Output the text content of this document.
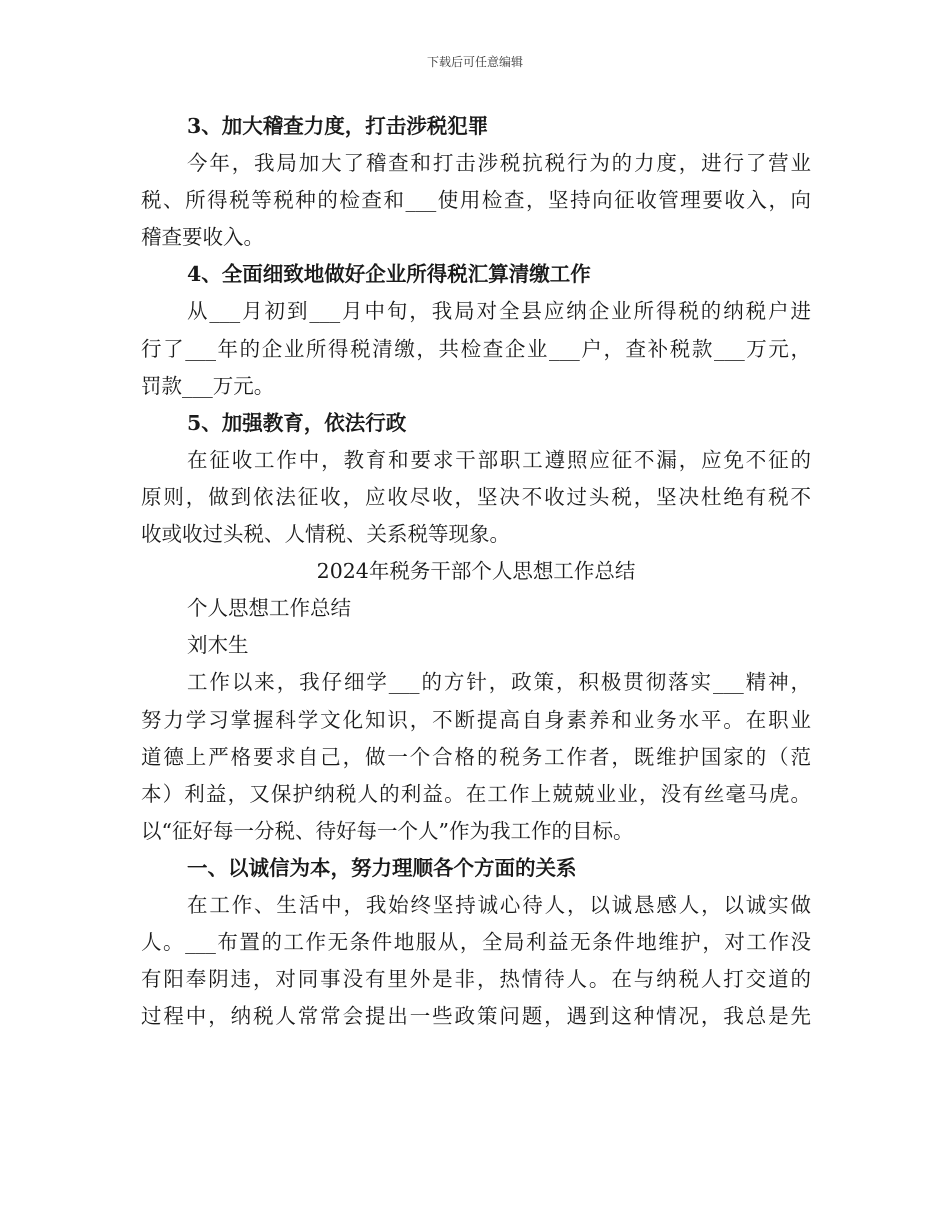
下载后可任意编辑
3、加大稽查力度，打击涉税犯罪
今年，我局加大了稽查和打击涉税抗税行为的力度，进行了营业
税、所得税等税种的检查和___使用检查，坚持向征收管理要收入，向
稽查要收入。
4、全面细致地做好企业所得税汇算清缴工作
从___月初到___月中旬，我局对全县应纳企业所得税的纳税户进
行了___年的企业所得税清缴，共检查企业___户，查补税款___万元，
罚款___万元。
5、加强教育，依法行政
在征收工作中，教育和要求干部职工遵照应征不漏，应免不征的
原则，做到依法征收，应收尽收，坚决不收过头税，坚决杜绝有税不
收或收过头税、人情税、关系税等现象。
2024年税务干部个人思想工作总结
个人思想工作总结
刘木生
工作以来，我仔细学___的方针，政策，积极贯彻落实___精神，
努力学习掌握科学文化知识，不断提高自身素养和业务水平。在职业
道德上严格要求自己，做一个合格的税务工作者，既维护国家的（范
本）利益，又保护纳税人的利益。在工作上兢兢业业，没有丝毫马虎。
以“征好每一分税、待好每一个人”作为我工作的目标。
一、以诚信为本，努力理顺各个方面的关系
在工作、生活中，我始终坚持诚心待人，以诚恳感人，以诚实做
人。___布置的工作无条件地服从，全局利益无条件地维护，对工作没
有阳奉阴违，对同事没有里外是非，热情待人。在与纳税人打交道的
过程中，纳税人常常会提出一些政策问题，遇到这种情况，我总是先
